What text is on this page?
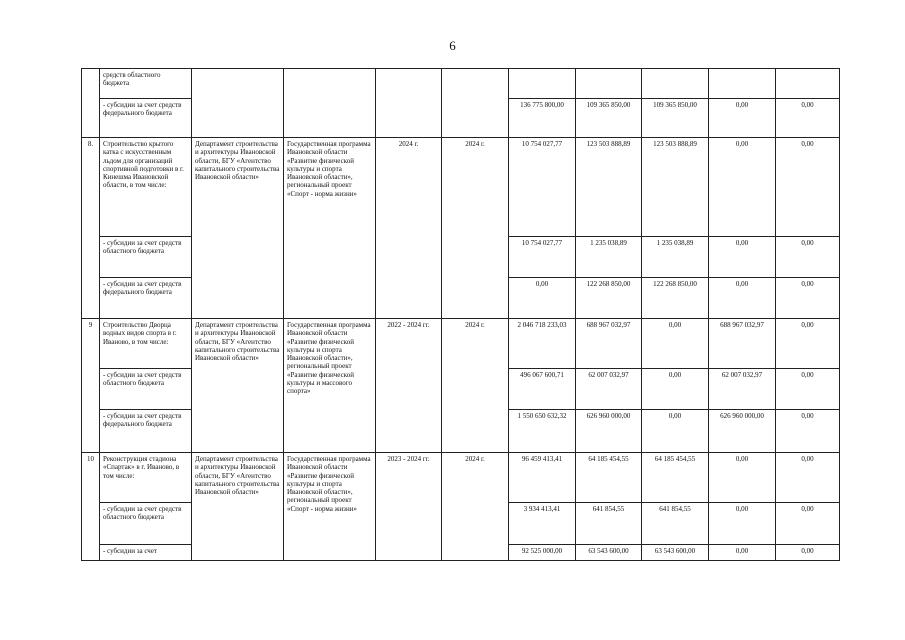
6
	средств областного бюджета									
	- субсидии за счет средств федерального бюджета					136 775 800,00	109 365 850,00	109 365 850,00	0,00	0,00
8.	Строительство крытого катка с искусственным льдом для организаций спортивной подготовки в г. Кинешма Ивановской области, в том числе:	Департамент строительства и архитектуры Ивановской области, БГУ «Агентство капитального строительства Ивановской области»	Государственная программа Ивановской области «Развитие физической культуры и спорта Ивановской области», региональный проект «Спорт - норма жизни»	2024 г.	2024 г.	10 754 027,77	123 503 888,89	123 503 888,89	0,00	0,00
	- субсидии за счет средств областного бюджета					10 754 027,77	1 235 038,89	1 235 038,89	0,00	0,00
	- субсидии за счет средств федерального бюджета					0,00	122 268 850,00	122 268 850,00	0,00	0,00
9	Строительство Дворца водных видов спорта в г. Иваново, в том числе:	Департамент строительства и архитектуры Ивановской области, БГУ «Агентство капитального строительства Ивановской области»	Государственная программа Ивановской области «Развитие физической культуры и спорта Ивановской области», региональный проект «Развитие физической культуры и массового спорта»	2022 - 2024 гг.	2024 г.	2 046 718 233,03	688 967 032,97	0,00	688 967 032,97	0,00
	- субсидии за счет средств областного бюджета					496 067 600,71	62 007 032,97	0,00	62 007 032,97	0,00
	- субсидии за счет средств федерального бюджета					1 550 650 632,32	626 960 000,00	0,00	626 960 000,00	0,00
10	Реконструкция стадиона «Спартак» в г. Иваново, в том числе:	Департамент строительства и архитектуры Ивановской области, БГУ «Агентство капитального строительства Ивановской области»	Государственная программа Ивановской области «Развитие физической культуры и спорта Ивановской области», региональный проект «Спорт - норма жизни»	2023 - 2024 гг.	2024 г.	96 459 413,41	64 185 454,55	64 185 454,55	0,00	0,00
	- субсидии за счет средств областного бюджета					3 934 413,41	641 854,55	641 854,55	0,00	0,00
	- субсидии за счет					92 525 000,00	63 543 600,00	63 543 600,00	0,00	0,00
